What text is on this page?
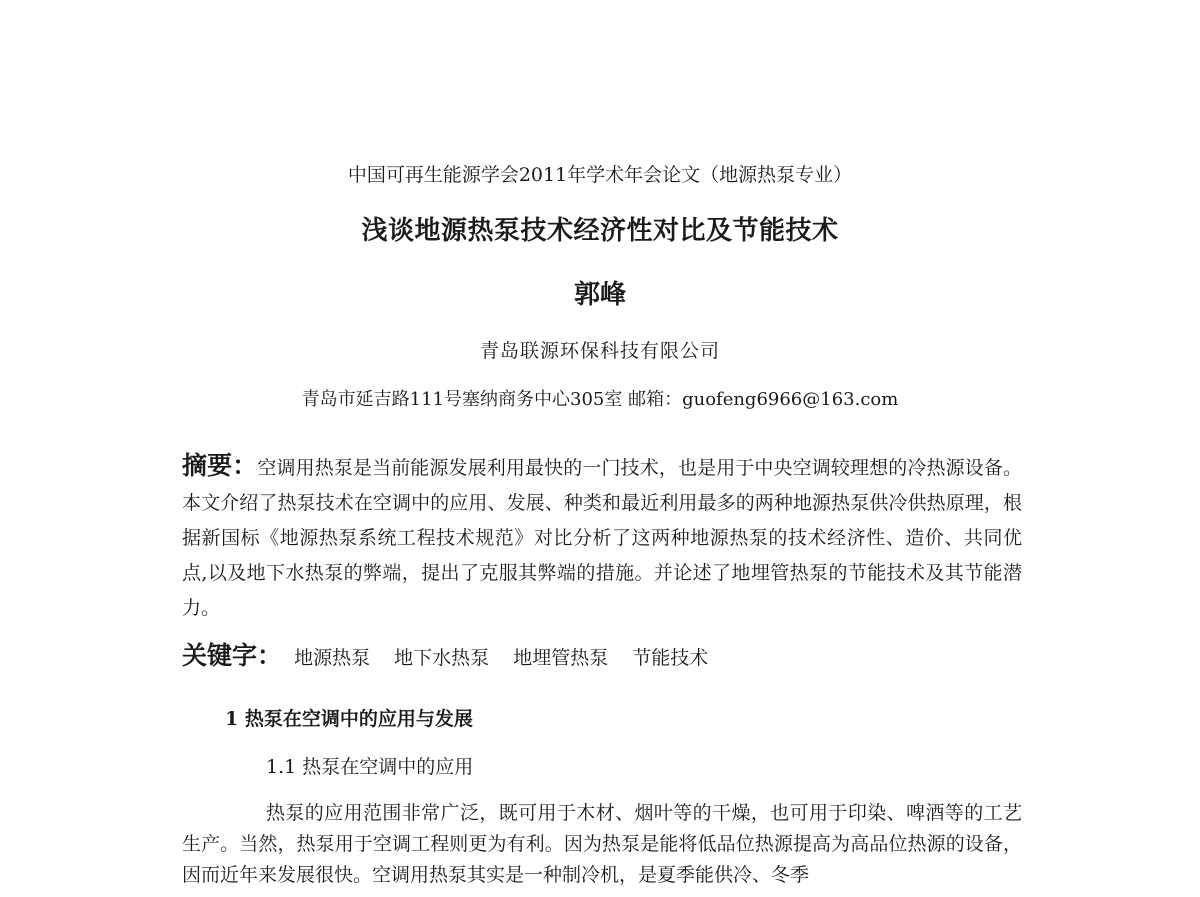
中国可再生能源学会2011年学术年会论文（地源热泵专业）
浅谈地源热泵技术经济性对比及节能技术
郭峰
青岛联源环保科技有限公司
青岛市延吉路111号塞纳商务中心305室 邮箱：guofeng6966@163.com
摘要：空调用热泵是当前能源发展利用最快的一门技术，也是用于中央空调较理想的冷热源设备。本文介绍了热泵技术在空调中的应用、发展、种类和最近利用最多的两种地源热泵供冷供热原理，根据新国标《地源热泵系统工程技术规范》对比分析了这两种地源热泵的技术经济性、造价、共同优点,以及地下水热泵的弊端，提出了克服其弊端的措施。并论述了地埋管热泵的节能技术及其节能潜力。
关键字： 地源热泵 地下水热泵 地埋管热泵 节能技术
1 热泵在空调中的应用与发展
1.1 热泵在空调中的应用
热泵的应用范围非常广泛，既可用于木材、烟叶等的干燥，也可用于印染、啤酒等的工艺生产。当然，热泵用于空调工程则更为有利。因为热泵是能将低品位热源提高为高品位热源的设备，因而近年来发展很快。空调用热泵其实是一种制冷机，是夏季能供冷、冬季
